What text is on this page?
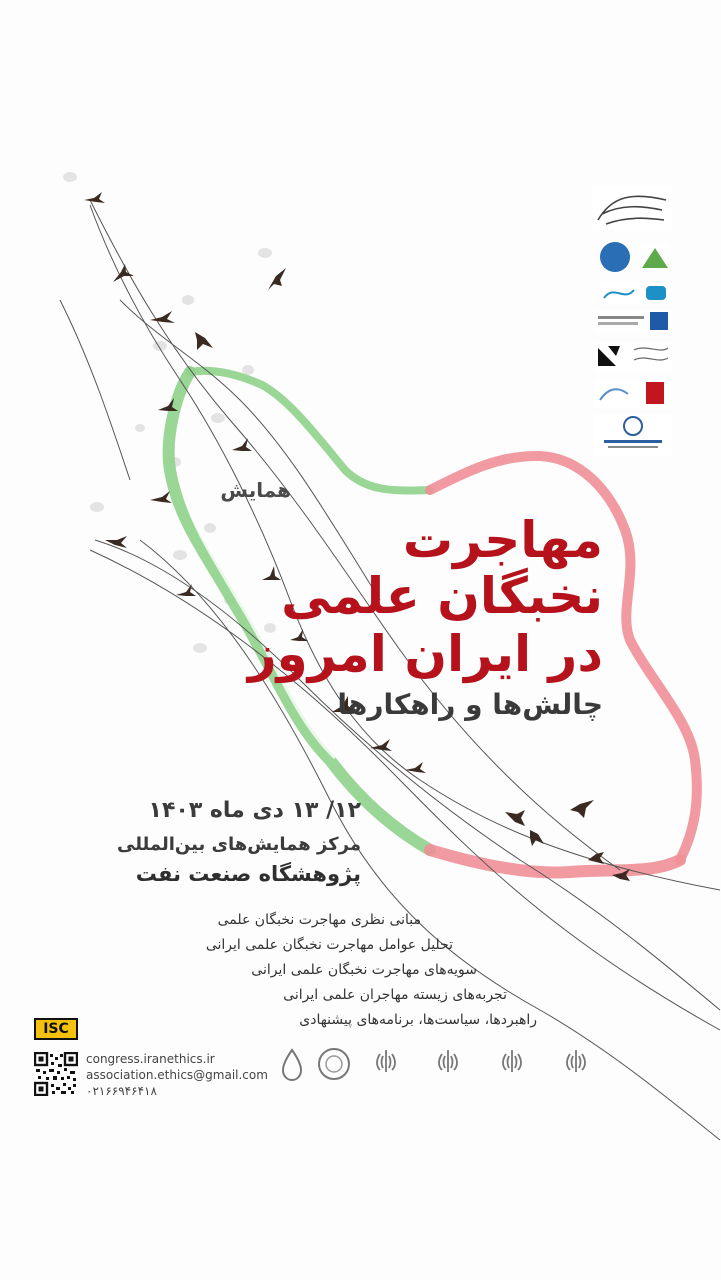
همایش
مهاجرت
نخبگان علمی
در ایران امروز
چالش‌ها و راهکارها
۱۲/ ۱۳ دی ماه ۱۴۰۳
مرکز همایش‌های بین‌المللی
پژوهشگاه صنعت نفت
مبانی نظری مهاجرت نخبگان علمی
تحلیل عوامل مهاجرت نخبگان علمی ایرانی
سویه‌های مهاجرت نخبگان علمی ایرانی
تجربه‌های زیسته مهاجران علمی ایرانی
راهبردها، سیاست‌ها، برنامه‌های پیشنهادی
ISC
congress.iranethics.ir
association.ethics@gmail.com
۰۲۱۶۶۹۴۶۴۱۸
